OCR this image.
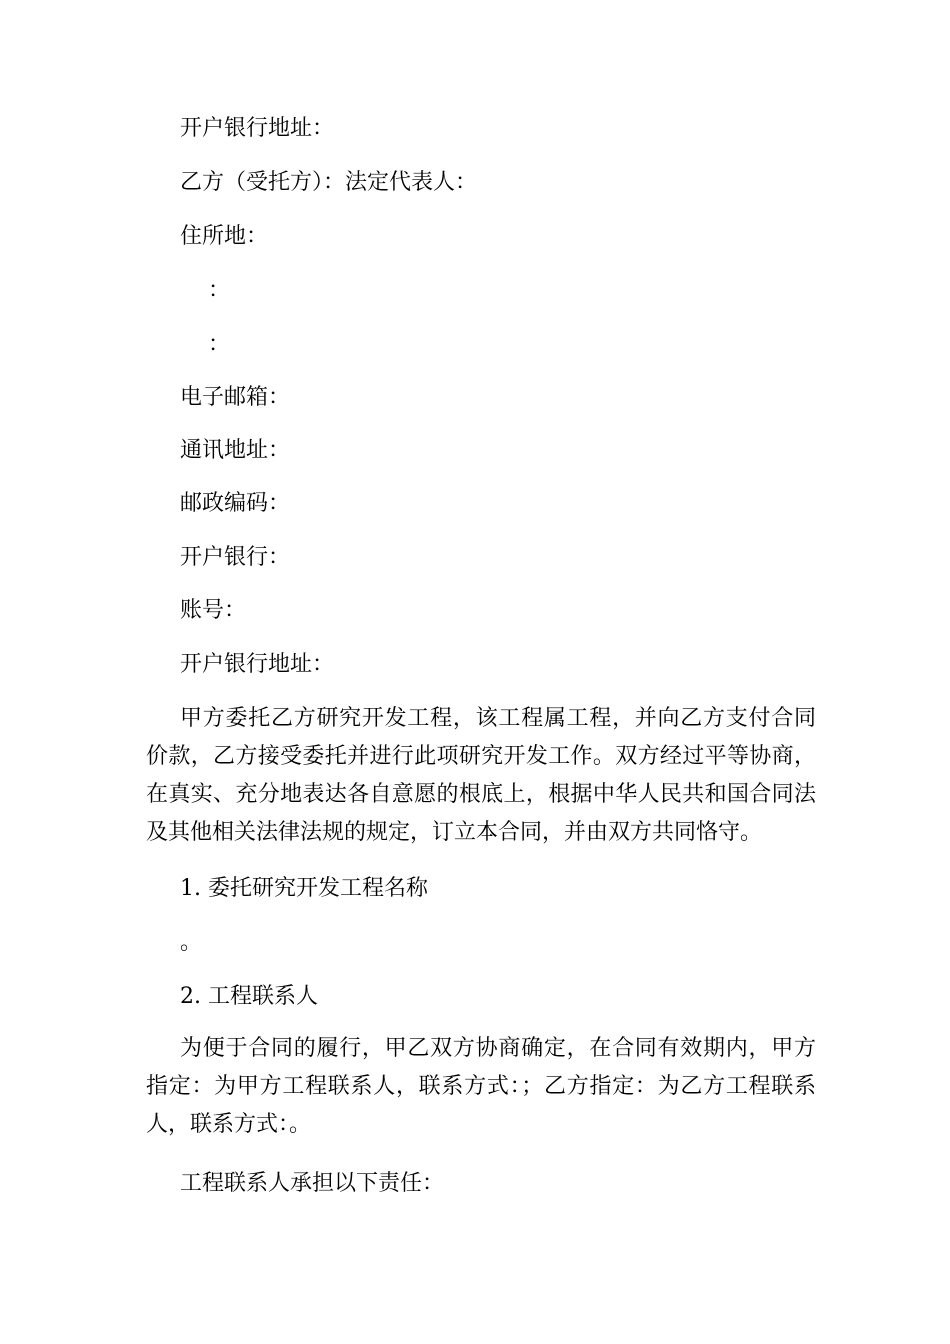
开户银行地址：
乙方（受托方）：法定代表人：
住所地：
：
：
电子邮箱：
通讯地址：
邮政编码：
开户银行：
账号：
开户银行地址：
甲方委托乙方研究开发工程，该工程属工程，并向乙方支付合同价款，乙方接受委托并进行此项研究开发工作。双方经过平等协商，在真实、充分地表达各自意愿的根底上，根据中华人民共和国合同法及其他相关法律法规的规定，订立本合同，并由双方共同恪守。
1. 委托研究开发工程名称
。
2. 工程联系人
为便于合同的履行，甲乙双方协商确定，在合同有效期内，甲方指定：为甲方工程联系人，联系方式：；乙方指定：为乙方工程联系人，联系方式：。
工程联系人承担以下责任：
